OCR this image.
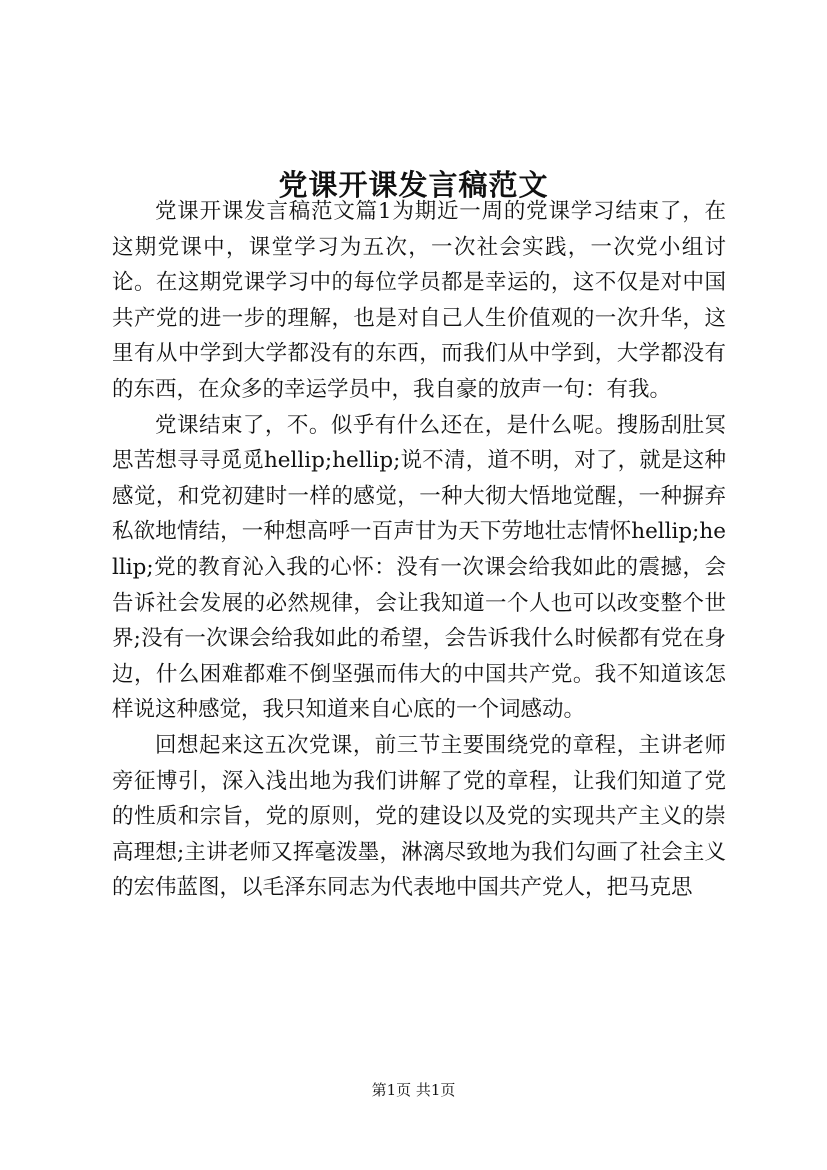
党课开课发言稿范文

党课开课发言稿范文篇1为期近一周的党课学习结束了，在这期党课中，课堂学习为五次，一次社会实践，一次党小组讨论。在这期党课学习中的每位学员都是幸运的，这不仅是对中国共产党的进一步的理解，也是对自己人生价值观的一次升华，这里有从中学到大学都没有的东西，而我们从中学到，大学都没有的东西，在众多的幸运学员中，我自豪的放声一句：有我。

党课结束了，不。似乎有什么还在，是什么呢。搜肠刮肚冥思苦想寻寻觅觅hellip;hellip;说不清，道不明，对了，就是这种感觉，和党初建时一样的感觉，一种大彻大悟地觉醒，一种摒弃私欲地情结，一种想高呼一百声甘为天下劳地壮志情怀hellip;hellip;党的教育沁入我的心怀：没有一次课会给我如此的震撼，会告诉社会发展的必然规律，会让我知道一个人也可以改变整个世界;没有一次课会给我如此的希望，会告诉我什么时候都有党在身边，什么困难都难不倒坚强而伟大的中国共产党。我不知道该怎样说这种感觉，我只知道来自心底的一个词感动。

回想起来这五次党课，前三节主要围绕党的章程，主讲老师旁征博引，深入浅出地为我们讲解了党的章程，让我们知道了党的性质和宗旨，党的原则，党的建设以及党的实现共产主义的崇高理想;主讲老师又挥毫泼墨，淋漓尽致地为我们勾画了社会主义的宏伟蓝图，以毛泽东同志为代表地中国共产党人，把马克思

第1页 共1页
